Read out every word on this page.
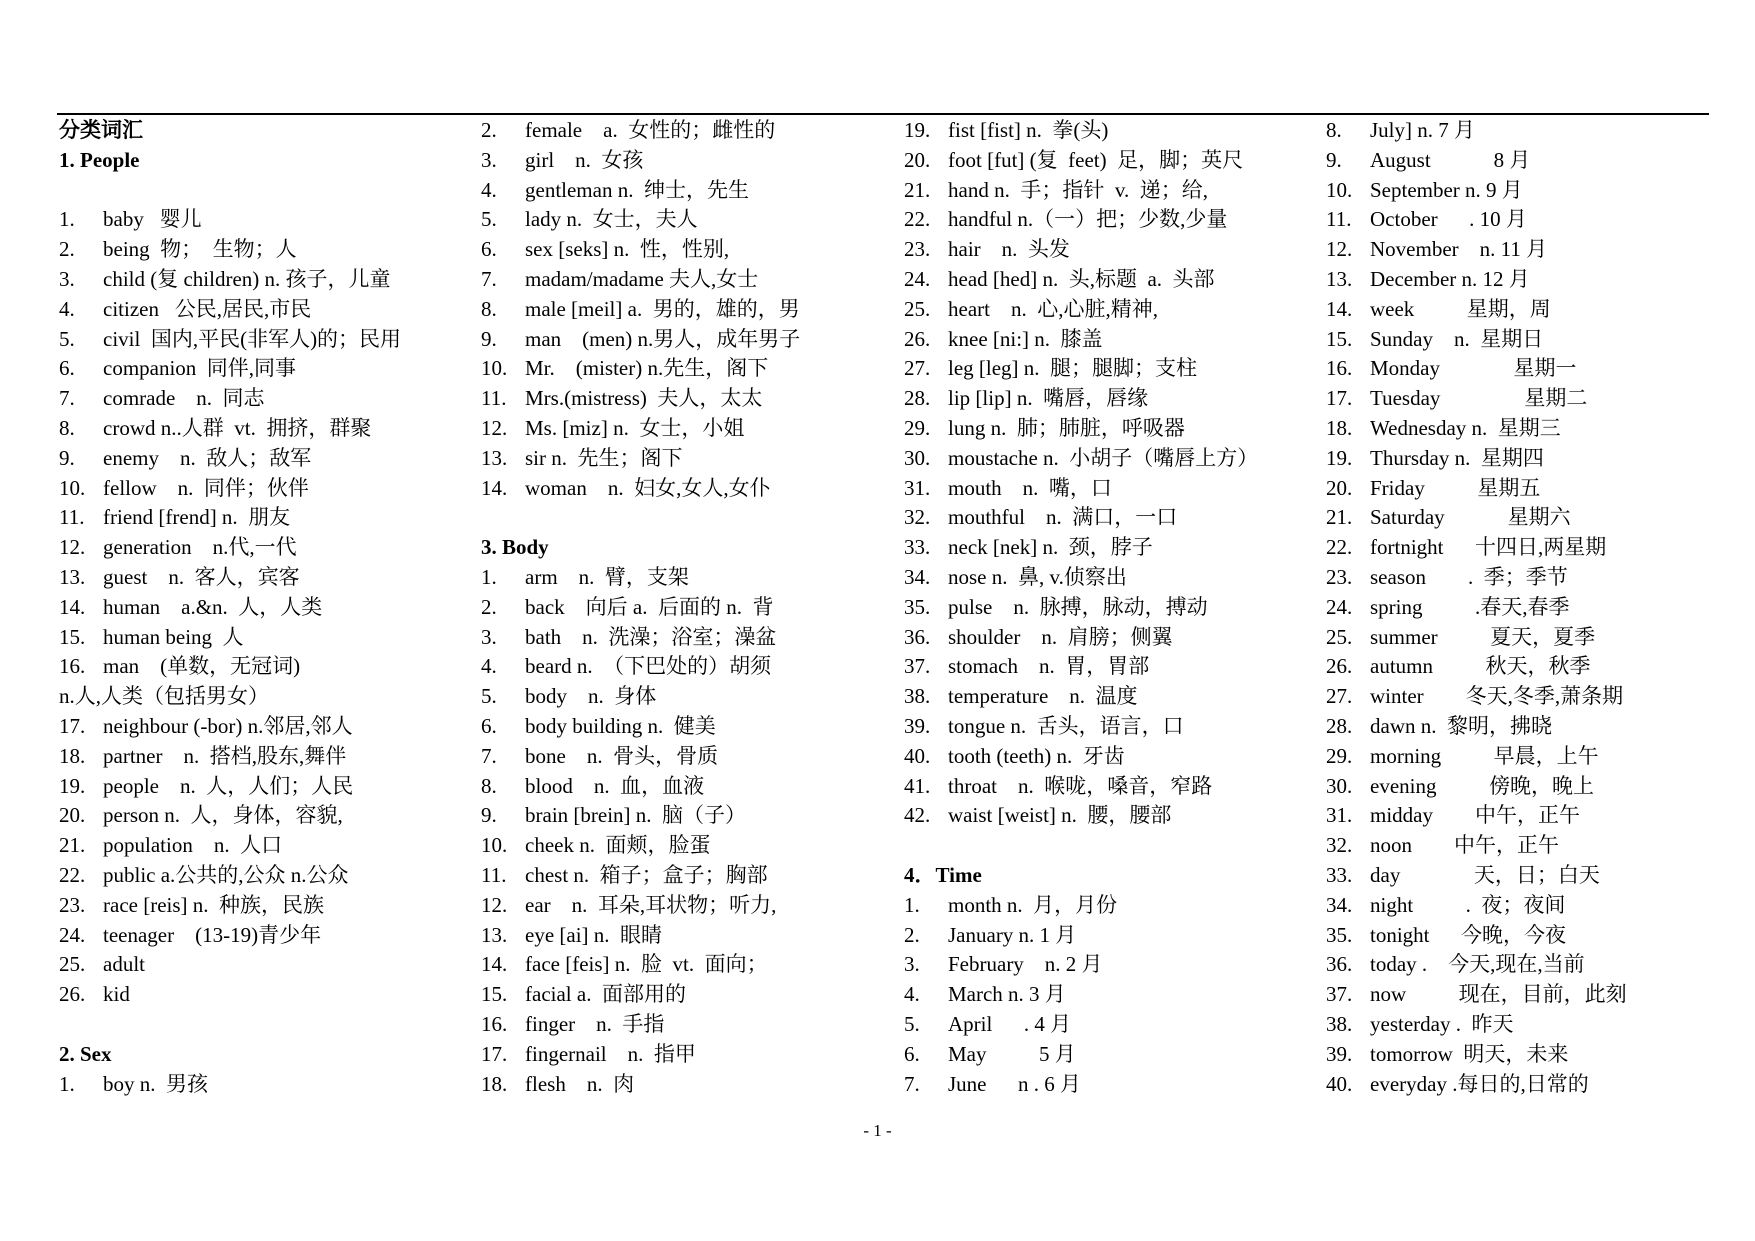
分类词汇
1. People
1. baby   婴儿
2. being  物；  生物；人
3. child (复 children) n. 孩子，儿童
4. citizen   公民,居民,市民
5. civil  国内,平民(非军人)的；民用
6. companion  同伴,同事
7. comrade    n.  同志
8. crowd n..人群  vt.  拥挤，群聚
9. enemy    n.  敌人；敌军
10. fellow    n.  同伴；伙伴
11. friend [frend] n.  朋友
12. generation    n.代,一代
13. guest    n.  客人，宾客
14. human    a.&n.  人，人类
15. human being  人
16. man    (单数，无冠词)
n.人,人类（包括男女）
17. neighbour (-bor) n.邻居,邻人
18. partner    n.  搭档,股东,舞伴
19. people    n.  人，人们；人民
20. person n.  人，身体，容貌,
21. population    n.  人口
22. public a.公共的,公众 n.公众
23. race [reis] n.  种族，民族
24. teenager    (13-19)青少年
25. adult
26. kid
2. Sex
1. boy n.  男孩
2. female    a.  女性的；雌性的
3. girl    n.  女孩
4. gentleman n.  绅士，先生
5. lady n.  女士，夫人
6. sex [seks] n.  性，性别,
7. madam/madame 夫人,女士
8. male [meil] a.  男的，雄的，男
9. man    (men) n.男人，成年男子
10. Mr.    (mister) n.先生，阁下
11. Mrs.(mistress)  夫人，太太
12. Ms. [miz] n.  女士，小姐
13. sir n.  先生；阁下
14. woman    n.  妇女,女人,女仆
3. Body
1. arm    n.  臂，支架
2. back    向后 a.  后面的 n.  背
3. bath    n.  洗澡；浴室；澡盆
4. beard n.  （下巴处的）胡须
5. body    n.  身体
6. body building n.  健美
7. bone    n.  骨头，骨质
8. blood    n.  血，血液
9. brain [brein] n.  脑（子）
10. cheek n.  面颊，脸蛋
11. chest n.  箱子；盒子；胸部
12. ear    n.  耳朵,耳状物；听力,
13. eye [ai] n.  眼睛
14. face [feis] n.  脸  vt.  面向；
15. facial a.  面部用的
16. finger    n.  手指
17. fingernail    n.  指甲
18. flesh    n.  肉
19. fist [fist] n.  拳(头)
20. foot [fut] (复  feet)  足，脚；英尺
21. hand n.  手；指针  v.  递；给,
22. handful n.（一）把；少数,少量
23. hair    n.  头发
24. head [hed] n.  头,标题  a.  头部
25. heart    n.  心,心脏,精神,
26. knee [ni:] n.  膝盖
27. leg [leg] n.  腿；腿脚；支柱
28. lip [lip] n.  嘴唇，唇缘
29. lung n.  肺；肺脏，呼吸器
30. moustache n.  小胡子（嘴唇上方）
31. mouth    n.  嘴，口
32. mouthful    n.  满口，一口
33. neck [nek] n.  颈，脖子
34. nose n.  鼻, v.侦察出
35. pulse    n.  脉搏，脉动，搏动
36. shoulder    n.  肩膀；侧翼
37. stomach    n.  胃，胃部
38. temperature    n.  温度
39. tongue n.  舌头，语言，口
40. tooth (teeth) n.  牙齿
41. throat    n.  喉咙，嗓音，窄路
42. waist [weist] n.  腰，腰部
4．Time
1. month n.  月，月份
2. January n. 1 月
3. February    n. 2 月
4. March n. 3 月
5. April      . 4 月
6. May          5 月
7. June      n . 6 月
8. July] n. 7 月
9. August            8 月
10. September n. 9 月
11. October      . 10 月
12. November    n. 11 月
13. December n. 12 月
14. week          星期，周
15. Sunday    n.  星期日
16. Monday              星期一
17. Tuesday                星期二
18. Wednesday n.  星期三
19. Thursday n.  星期四
20. Friday          星期五
21. Saturday            星期六
22. fortnight      十四日,两星期
23. season        .  季；季节
24. spring          .春天,春季
25. summer          夏天，夏季
26. autumn          秋天，秋季
27. winter        冬天,冬季,萧条期
28. dawn n.  黎明，拂晓
29. morning          早晨，上午
30. evening          傍晚，晚上
31. midday        中午，正午
32. noon        中午，正午
33. day              天，日；白天
34. night          .  夜；夜间
35. tonight      今晚，今夜
36. today .    今天,现在,当前
37. now          现在，目前，此刻
38. yesterday .  昨天
39. tomorrow  明天，未来
40. everyday .每日的,日常的
- 1 -
